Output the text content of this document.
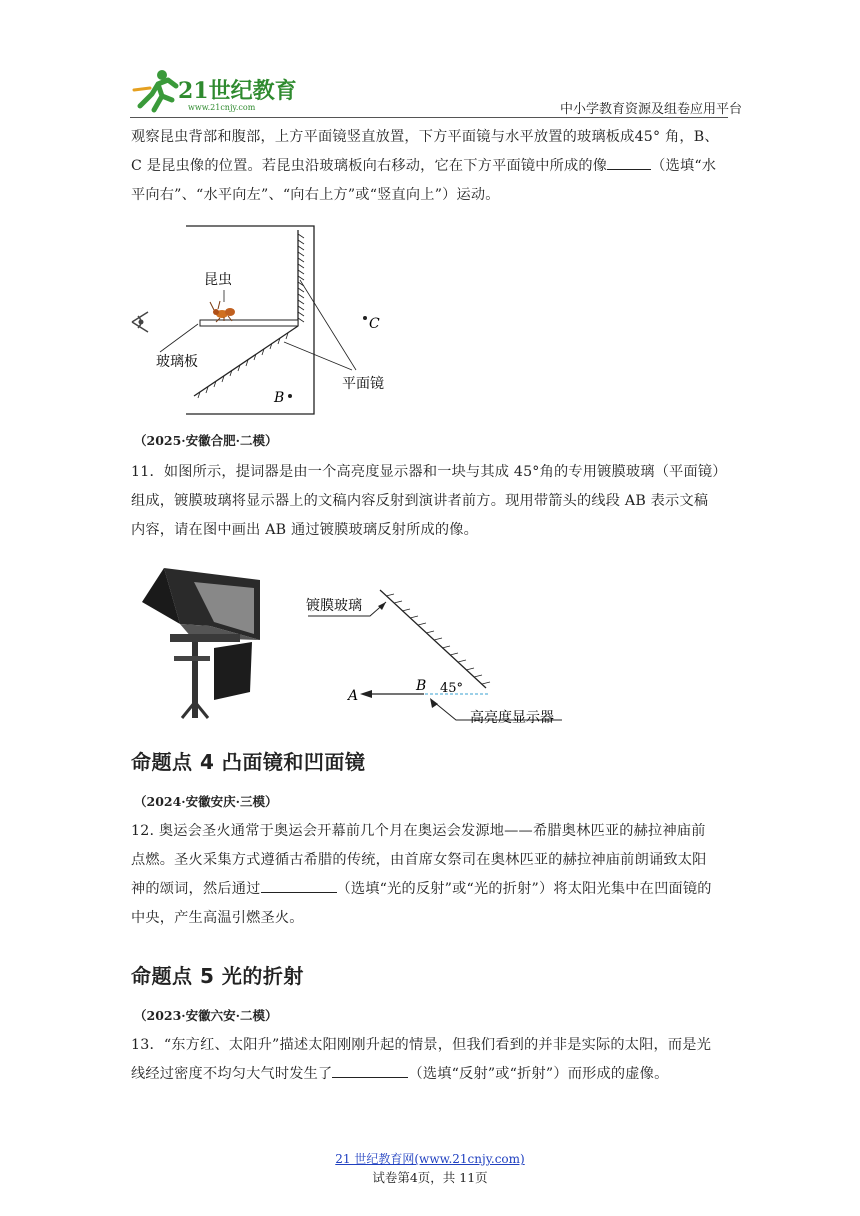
21世纪教育
www.21cnjy.com	中小学教育资源及组卷应用平台
观察昆虫背部和腹部，上方平面镜竖直放置，下方平面镜与水平放置的玻璃板成45° 角，B、
C 是昆虫像的位置。若昆虫沿玻璃板向右移动，它在下方平面镜中所成的像	（选填“水
平向右”、“水平向左”、“向右上方”或“竖直向上”）运动。
昆虫
玻璃板
平面镜
C
B
（2025·安徽合肥·二模）
11．如图所示，提词器是由一个高亮度显示器和一块与其成 45°角的专用镀膜玻璃（平面镜）
组成，镀膜玻璃将显示器上的文稿内容反射到演讲者前方。现用带箭头的线段 AB 表示文稿
内容，请在图中画出 AB 通过镀膜玻璃反射所成的像。
镀膜玻璃
A
B 45°
高亮度显示器
命题点 4 凸面镜和凹面镜
（2024·安徽安庆·三模）
12. 奥运会圣火通常于奥运会开幕前几个月在奥运会发源地——希腊奥林匹亚的赫拉神庙前
点燃。圣火采集方式遵循古希腊的传统，由首席女祭司在奥林匹亚的赫拉神庙前朗诵致太阳
神的颂词，然后通过	（选填“光的反射”或“光的折射”）将太阳光集中在凹面镜的
中央，产生高温引燃圣火。
命题点 5 光的折射
（2023·安徽六安·二模）
13．“东方红、太阳升”描述太阳刚刚升起的情景，但我们看到的并非是实际的太阳，而是光
线经过密度不均匀大气时发生了	（选填“反射”或“折射”）而形成的虚像。
21 世纪教育网(www.21cnjy.com)
试卷第4页，共 11页
